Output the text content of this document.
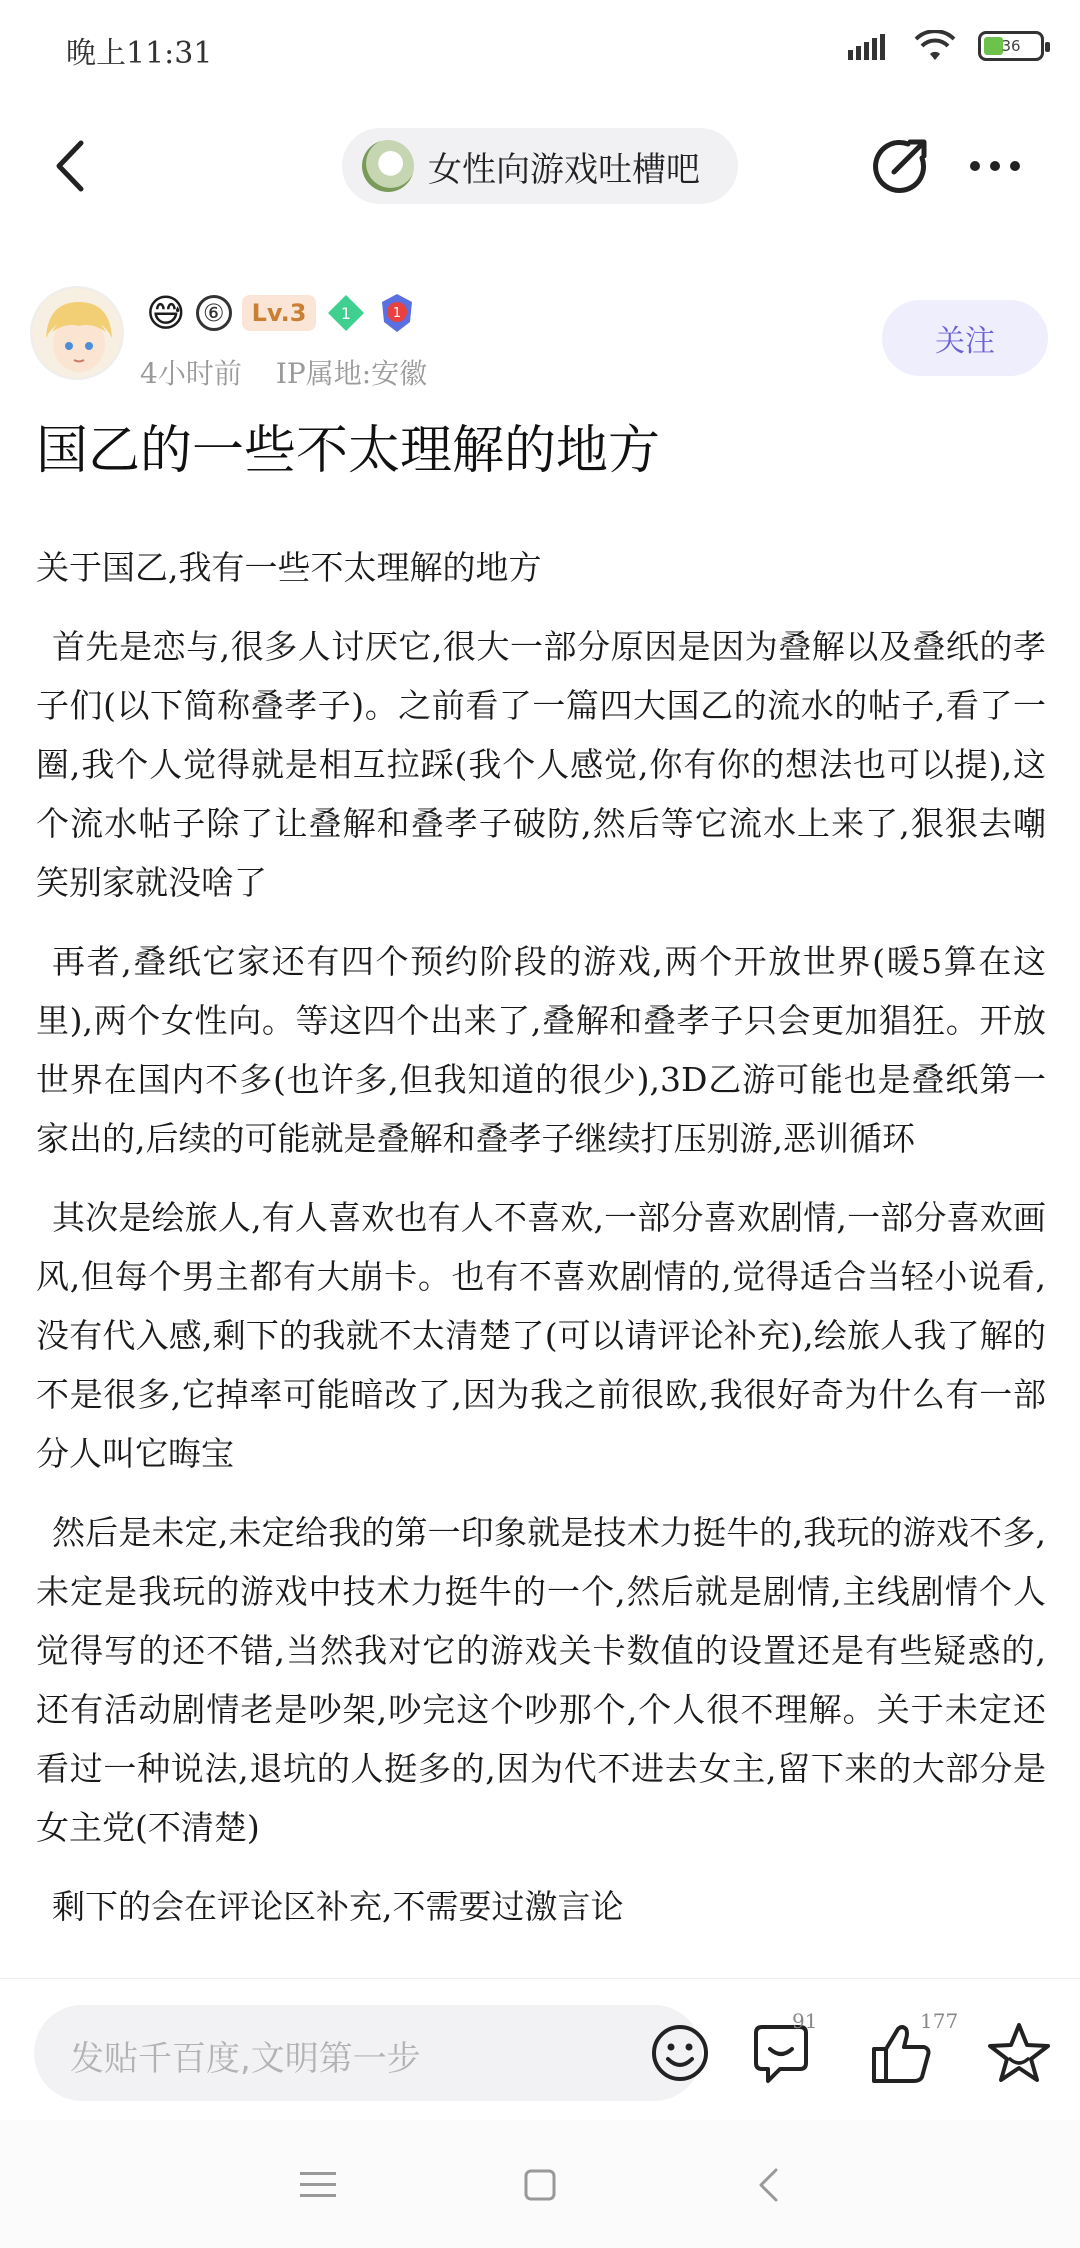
晚上11:31	36
女性向游戏吐槽吧
😅 ⑥	Lv.3	1	1
4小时前 IP属地:安徽
关注
国乙的一些不太理解的地方

关于国乙,我有一些不太理解的地方

首先是恋与,很多人讨厌它,很大一部分原因是因为叠解以及叠纸的孝子们(以下简称叠孝子)。之前看了一篇四大国乙的流水的帖子,看了一圈,我个人觉得就是相互拉踩(我个人感觉,你有你的想法也可以提),这个流水帖子除了让叠解和叠孝子破防,然后等它流水上来了,狠狠去嘲笑别家就没啥了

再者,叠纸它家还有四个预约阶段的游戏,两个开放世界(暖5算在这里),两个女性向。等这四个出来了,叠解和叠孝子只会更加猖狂。开放世界在国内不多(也许多,但我知道的很少),3D乙游可能也是叠纸第一家出的,后续的可能就是叠解和叠孝子继续打压别游,恶训循环

其次是绘旅人,有人喜欢也有人不喜欢,一部分喜欢剧情,一部分喜欢画风,但每个男主都有大崩卡。也有不喜欢剧情的,觉得适合当轻小说看,没有代入感,剩下的我就不太清楚了(可以请评论补充),绘旅人我了解的不是很多,它掉率可能暗改了,因为我之前很欧,我很好奇为什么有一部分人叫它晦宝

然后是未定,未定给我的第一印象就是技术力挺牛的,我玩的游戏不多,未定是我玩的游戏中技术力挺牛的一个,然后就是剧情,主线剧情个人觉得写的还不错,当然我对它的游戏关卡数值的设置还是有些疑惑的,还有活动剧情老是吵架,吵完这个吵那个,个人很不理解。关于未定还看过一种说法,退坑的人挺多的,因为代不进去女主,留下来的大部分是女主党(不清楚)

剩下的会在评论区补充,不需要过激言论

发贴千百度,文明第一步
91	177
